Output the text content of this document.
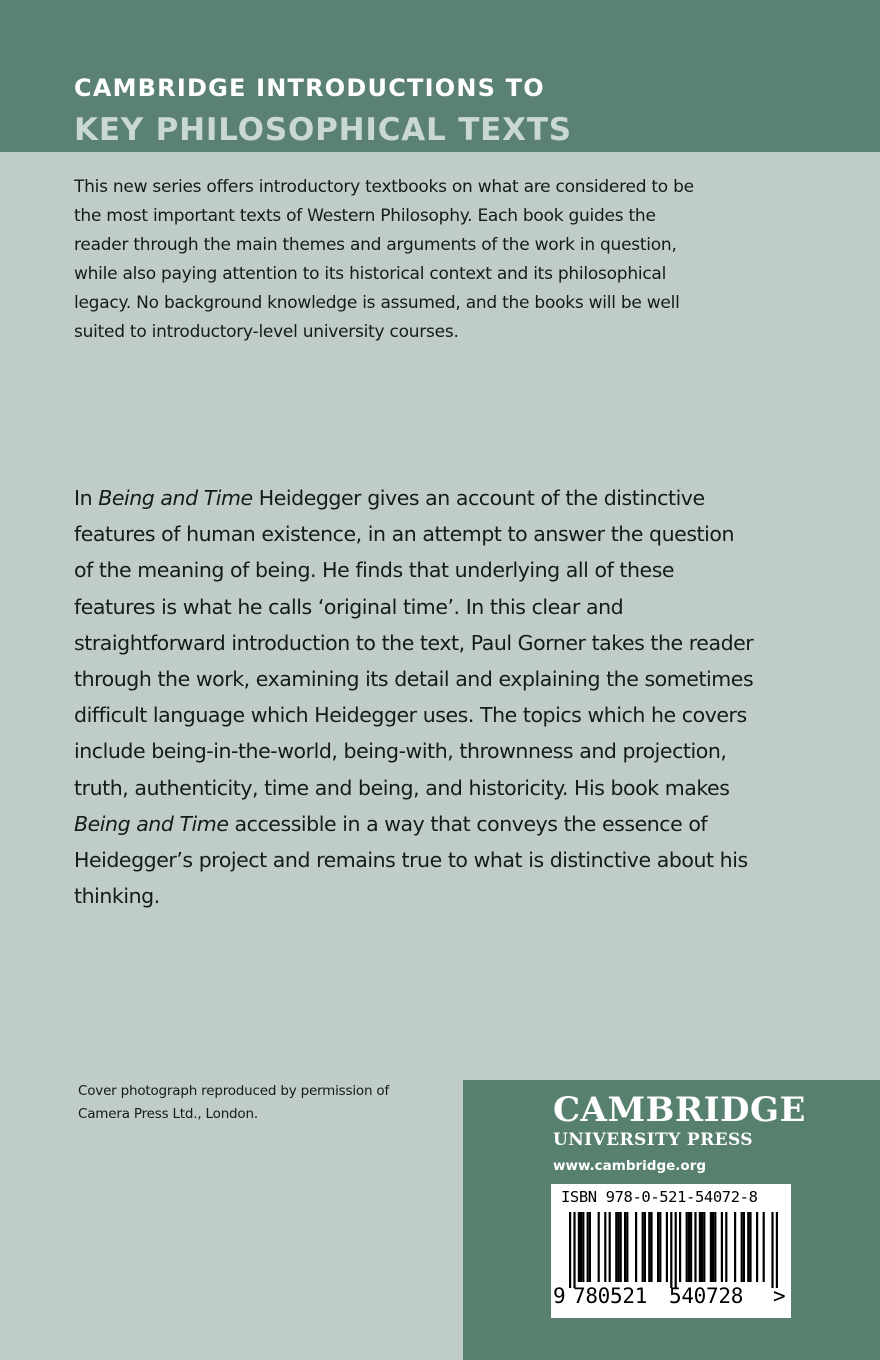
CAMBRIDGE INTRODUCTIONS TO
KEY PHILOSOPHICAL TEXTS

This new series offers introductory textbooks on what are considered to be the most important texts of Western Philosophy. Each book guides the reader through the main themes and arguments of the work in question, while also paying attention to its historical context and its philosophical legacy. No background knowledge is assumed, and the books will be well suited to introductory-level university courses.

In Being and Time Heidegger gives an account of the distinctive features of human existence, in an attempt to answer the question of the meaning of being. He finds that underlying all of these features is what he calls ‘original time’. In this clear and straightforward introduction to the text, Paul Gorner takes the reader through the work, examining its detail and explaining the sometimes difficult language which Heidegger uses. The topics which he covers include being-in-the-world, being-with, thrownness and projection, truth, authenticity, time and being, and historicity. His book makes Being and Time accessible in a way that conveys the essence of Heidegger’s project and remains true to what is distinctive about his thinking.

Cover photograph reproduced by permission of
Camera Press Ltd., London.	CAMBRIDGE
UNIVERSITY PRESS
www.cambridge.org
ISBN 978-0-521-54072-8
9 780521 540728 >
